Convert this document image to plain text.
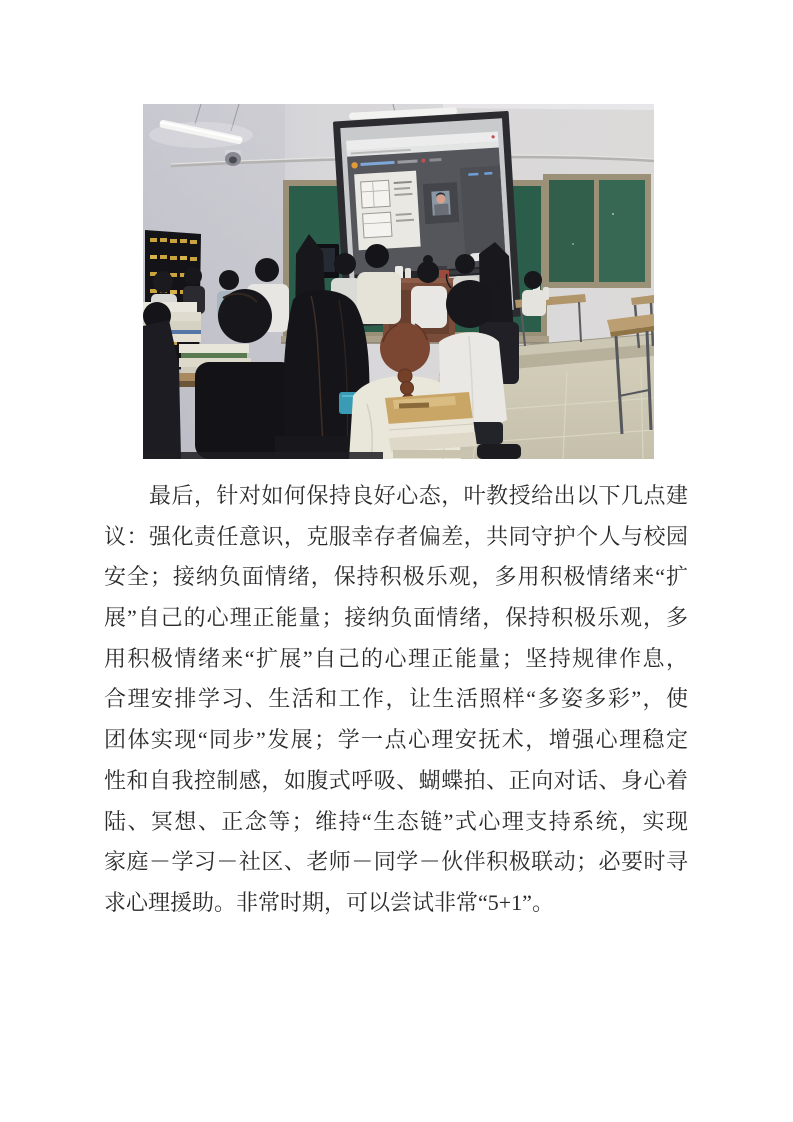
最后，针对如何保持良好心态，叶教授给出以下几点建
议：强化责任意识，克服幸存者偏差，共同守护个人与校园
安全；接纳负面情绪，保持积极乐观，多用积极情绪来“扩
展”自己的心理正能量；接纳负面情绪，保持积极乐观，多
用积极情绪来“扩展”自己的心理正能量；坚持规律作息，
合理安排学习、生活和工作，让生活照样“多姿多彩”，使
团体实现“同步”发展；学一点心理安抚术，增强心理稳定
性和自我控制感，如腹式呼吸、蝴蝶拍、正向对话、身心着
陆、冥想、正念等；维持“生态链”式心理支持系统，实现
家庭－学习－社区、老师－同学－伙伴积极联动；必要时寻
求心理援助。非常时期，可以尝试非常“5+1”。
